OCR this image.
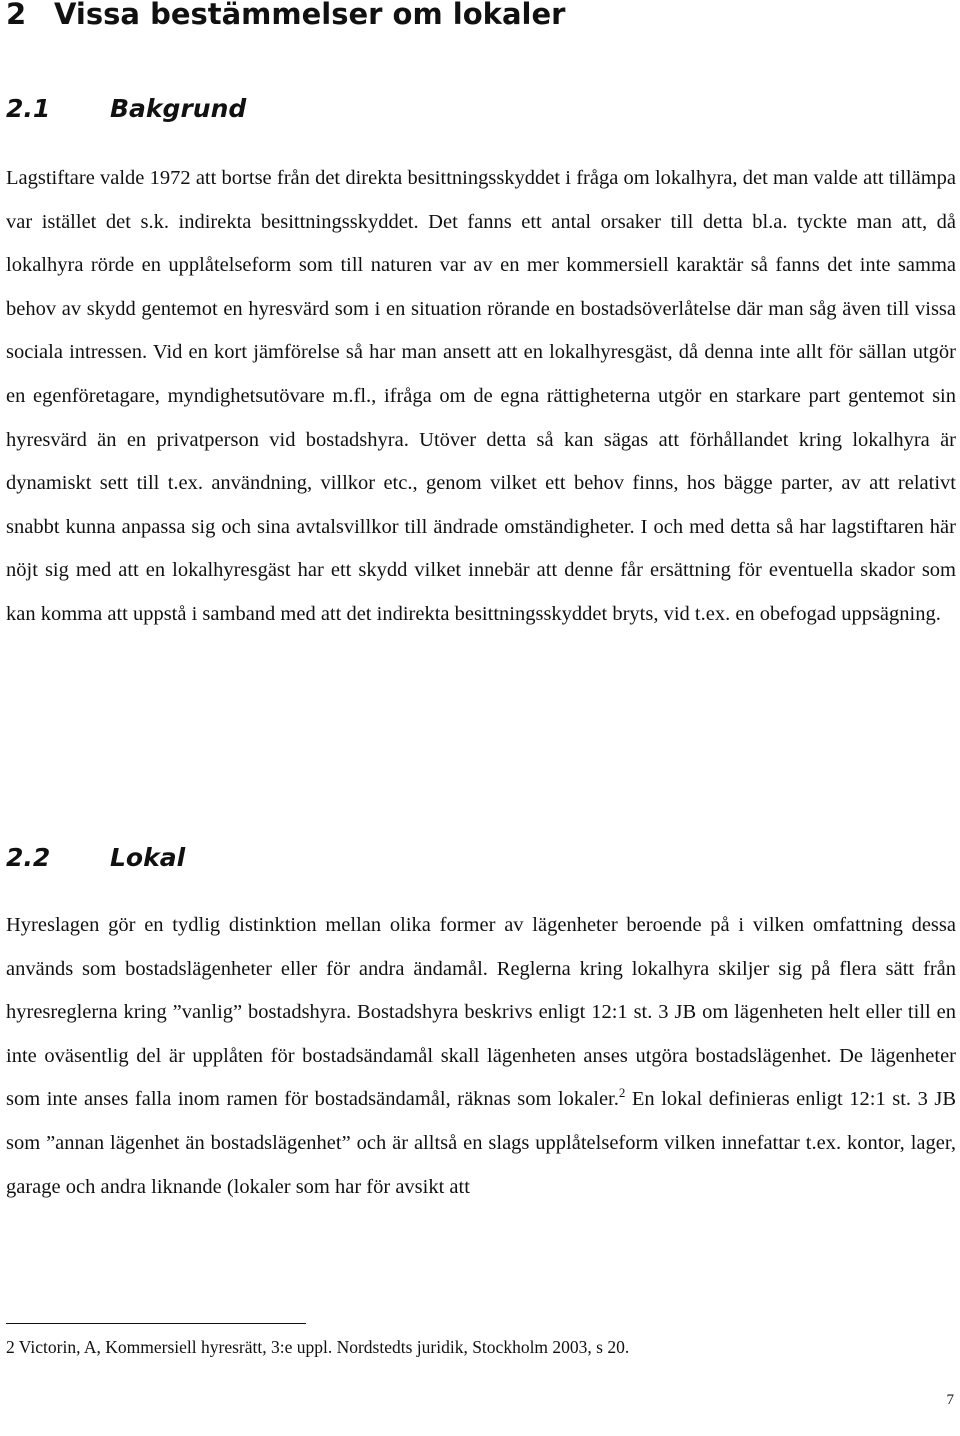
2 Vissa bestämmelser om lokaler
2.1 Bakgrund

Lagstiftare valde 1972 att bortse från det direkta besittningsskyddet i fråga om lokalhyra, det man valde att tillämpa var istället det s.k. indirekta besittningsskyddet. Det fanns ett antal orsaker till detta bl.a. tyckte man att, då lokalhyra rörde en upplåtelseform som till naturen var av en mer kommersiell karaktär så fanns det inte samma behov av skydd gentemot en hyresvärd som i en situation rörande en bostadsöverlåtelse där man såg även till vissa sociala intressen. Vid en kort jämförelse så har man ansett att en lokalhyresgäst, då denna inte allt för sällan utgör en egenföretagare, myndighetsutövare m.fl., ifråga om de egna rättigheterna utgör en starkare part gentemot sin hyresvärd än en privatperson vid bostadshyra. Utöver detta så kan sägas att förhållandet kring lokalhyra är dynamiskt sett till t.ex. användning, villkor etc., genom vilket ett behov finns, hos bägge parter, av att relativt snabbt kunna anpassa sig och sina avtalsvillkor till ändrade omständigheter. I och med detta så har lagstiftaren här nöjt sig med att en lokalhyresgäst har ett skydd vilket innebär att denne får ersättning för eventuella skador som kan komma att uppstå i samband med att det indirekta besittningsskyddet bryts, vid t.ex. en obefogad uppsägning.

2.2 Lokal

Hyreslagen gör en tydlig distinktion mellan olika former av lägenheter beroende på i vilken omfattning dessa används som bostadslägenheter eller för andra ändamål. Reglerna kring lokalhyra skiljer sig på flera sätt från hyresreglerna kring ”vanlig” bostadshyra. Bostadshyra beskrivs enligt 12:1 st. 3 JB om lägenheten helt eller till en inte oväsentlig del är upplåten för bostadsändamål skall lägenheten anses utgöra bostadslägenhet. De lägenheter som inte anses falla inom ramen för bostadsändamål, räknas som lokaler.$^2$ En lokal definieras enligt 12:1 st. 3 JB som ”annan lägenhet än bostadslägenhet” och är alltså en slags upplåtelseform vilken innefattar t.ex. kontor, lager, garage och andra liknande (lokaler som har för avsikt att

2 Victorin, A, Kommersiell hyresrätt, 3:e uppl. Nordstedts juridik, Stockholm 2003, s 20.

7
